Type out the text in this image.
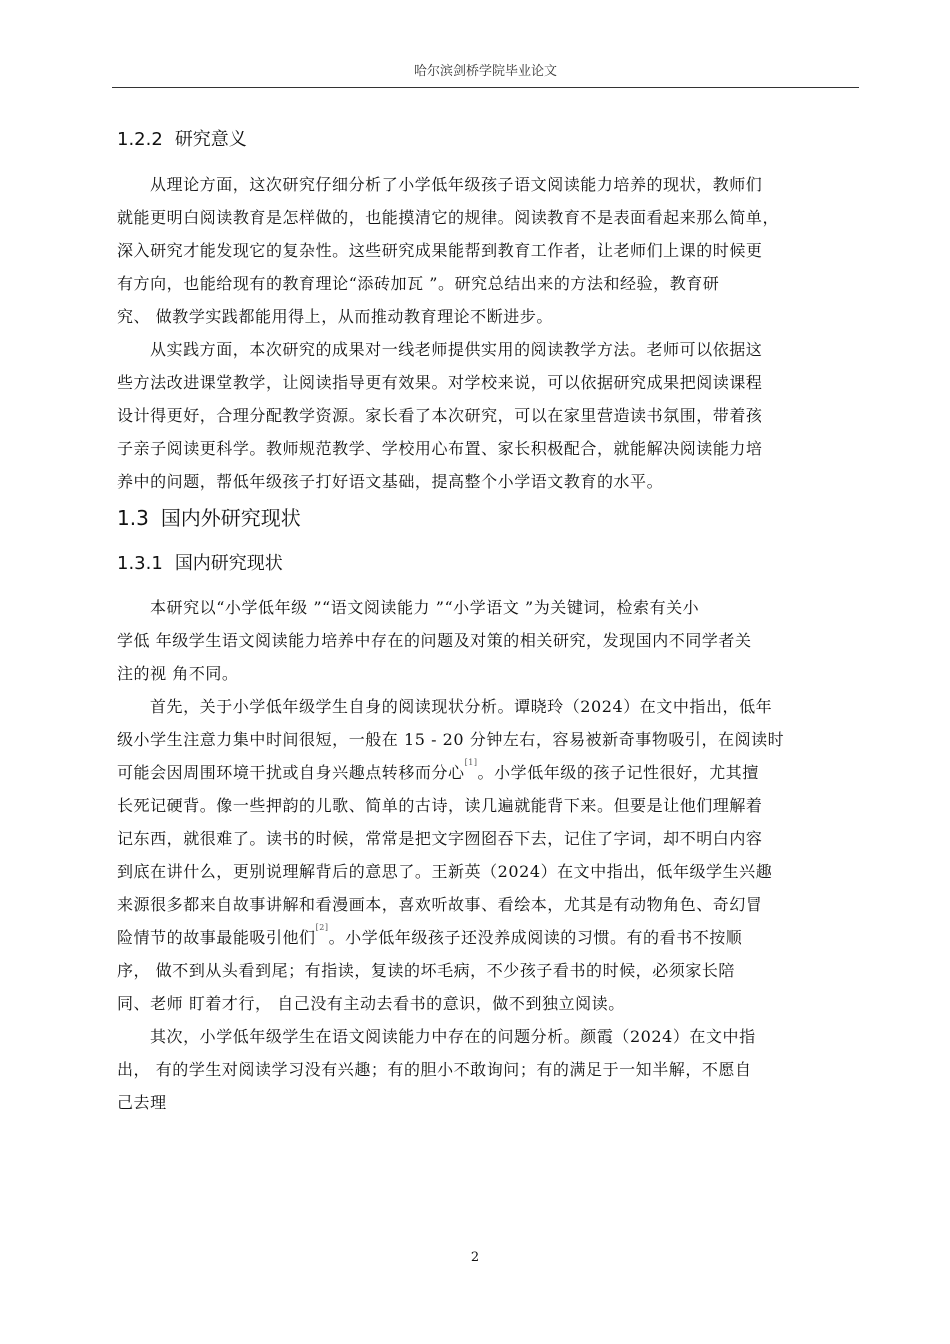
哈尔滨剑桥学院毕业论文
1.2.2 研究意义
从理论方面，这次研究仔细分析了小学低年级孩子语文阅读能力培养的现状，教师们
就能更明白阅读教育是怎样做的，也能摸清它的规律。阅读教育不是表面看起来那么简单，
深入研究才能发现它的复杂性。这些研究成果能帮到教育工作者，让老师们上课的时候更
有方向，也能给现有的教育理论“添砖加瓦 ”。研究总结出来的方法和经验，教育研
究、 做教学实践都能用得上，从而推动教育理论不断进步。
从实践方面，本次研究的成果对一线老师提供实用的阅读教学方法。老师可以依据这
些方法改进课堂教学，让阅读指导更有效果。对学校来说，可以依据研究成果把阅读课程
设计得更好，合理分配教学资源。家长看了本次研究，可以在家里营造读书氛围，带着孩
子亲子阅读更科学。教师规范教学、学校用心布置、家长积极配合，就能解决阅读能力培
养中的问题，帮低年级孩子打好语文基础，提高整个小学语文教育的水平。
1.3 国内外研究现状
1.3.1 国内研究现状
本研究以“小学低年级 ”“语文阅读能力 ”“小学语文 ”为关键词，检索有关小
学低 年级学生语文阅读能力培养中存在的问题及对策的相关研究，发现国内不同学者关
注的视 角不同。
首先，关于小学低年级学生自身的阅读现状分析。谭晓玲（2024）在文中指出，低年
级小学生注意力集中时间很短，一般在 15 - 20 分钟左右，容易被新奇事物吸引，在阅读时
可能会因周围环境干扰或自身兴趣点转移而分心[1]。小学低年级的孩子记性很好，尤其擅
长死记硬背。像一些押韵的儿歌、简单的古诗，读几遍就能背下来。但要是让他们理解着
记东西，就很难了。读书的时候，常常是把文字囫囵吞下去，记住了字词，却不明白内容
到底在讲什么，更别说理解背后的意思了。王新英（2024）在文中指出，低年级学生兴趣
来源很多都来自故事讲解和看漫画本，喜欢听故事、看绘本，尤其是有动物角色、奇幻冒
险情节的故事最能吸引他们[2]。小学低年级孩子还没养成阅读的习惯。有的看书不按顺
序， 做不到从头看到尾；有指读，复读的坏毛病，不少孩子看书的时候，必须家长陪
同、老师 盯着才行， 自己没有主动去看书的意识，做不到独立阅读。
其次，小学低年级学生在语文阅读能力中存在的问题分析。颜霞（2024）在文中指
出， 有的学生对阅读学习没有兴趣；有的胆小不敢询问；有的满足于一知半解，不愿自
己去理
2
